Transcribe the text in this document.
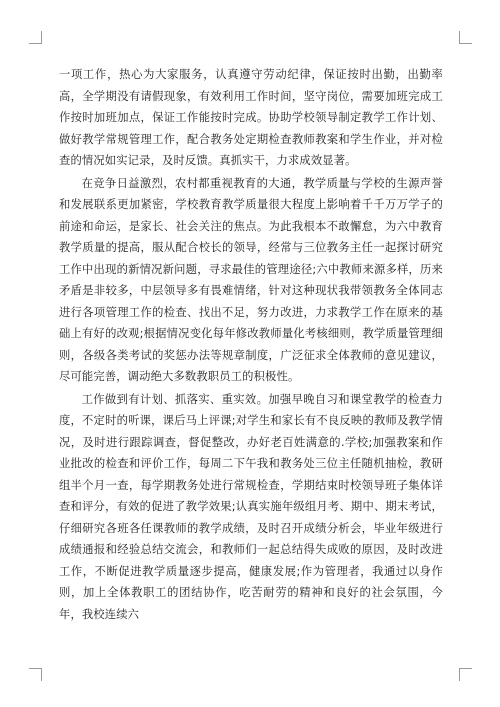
一项工作，热心为大家服务，认真遵守劳动纪律，保证按时出勤，出勤率高，全学期没有请假现象，有效利用工作时间，坚守岗位，需要加班完成工作按时加班加点，保证工作能按时完成。协助学校领导制定教学工作计划、做好教学常规管理工作，配合教务处定期检查教师教案和学生作业，并对检查的情况如实记录，及时反馈。真抓实干，力求成效显著。

在竞争日益激烈，农村都重视教育的大通，教学质量与学校的生源声誉和发展联系更加紧密，学校教育教学质量很大程度上影响着千千万万学子的前途和命运，是家长、社会关注的焦点。为此我根本不敢懈怠，为六中教育教学质量的提高，服从配合校长的领导，经常与三位教务主任一起探讨研究工作中出现的新情况新问题，寻求最佳的管理途径;六中教师来源多样，历来矛盾是非较多，中层领导多有畏难情绪，针对这种现状我带领教务全体同志进行各项管理工作的检查、找出不足，努力改进，力求教学工作在原来的基础上有好的改观;根据情况变化每年修改教师量化考核细则，教学质量管理细则，各级各类考试的奖惩办法等规章制度，广泛征求全体教师的意见建议，尽可能完善，调动绝大多数教职员工的积极性。

工作做到有计划、抓落实、重实效。加强早晚自习和课堂教学的检查力度，不定时的听课，课后马上评课;对学生和家长有不良反映的教师及教学情况，及时进行跟踪调查，督促整改，办好老百姓满意的.学校;加强教案和作业批改的检查和评价工作，每周二下午我和教务处三位主任随机抽检，教研组半个月一查，每学期教务处进行常规检查，学期结束时校领导班子集体详查和评分，有效的促进了教学效果;认真实施年级组月考、期中、期末考试，仔细研究各班各任课教师的教学成绩，及时召开成绩分析会，毕业年级进行成绩通报和经验总结交流会，和教师们一起总结得失成败的原因，及时改进工作，不断促进教学质量逐步提高，健康发展;作为管理者，我通过以身作则，加上全体教职工的团结协作，吃苦耐劳的精神和良好的社会氛围，今年，我校连续六
